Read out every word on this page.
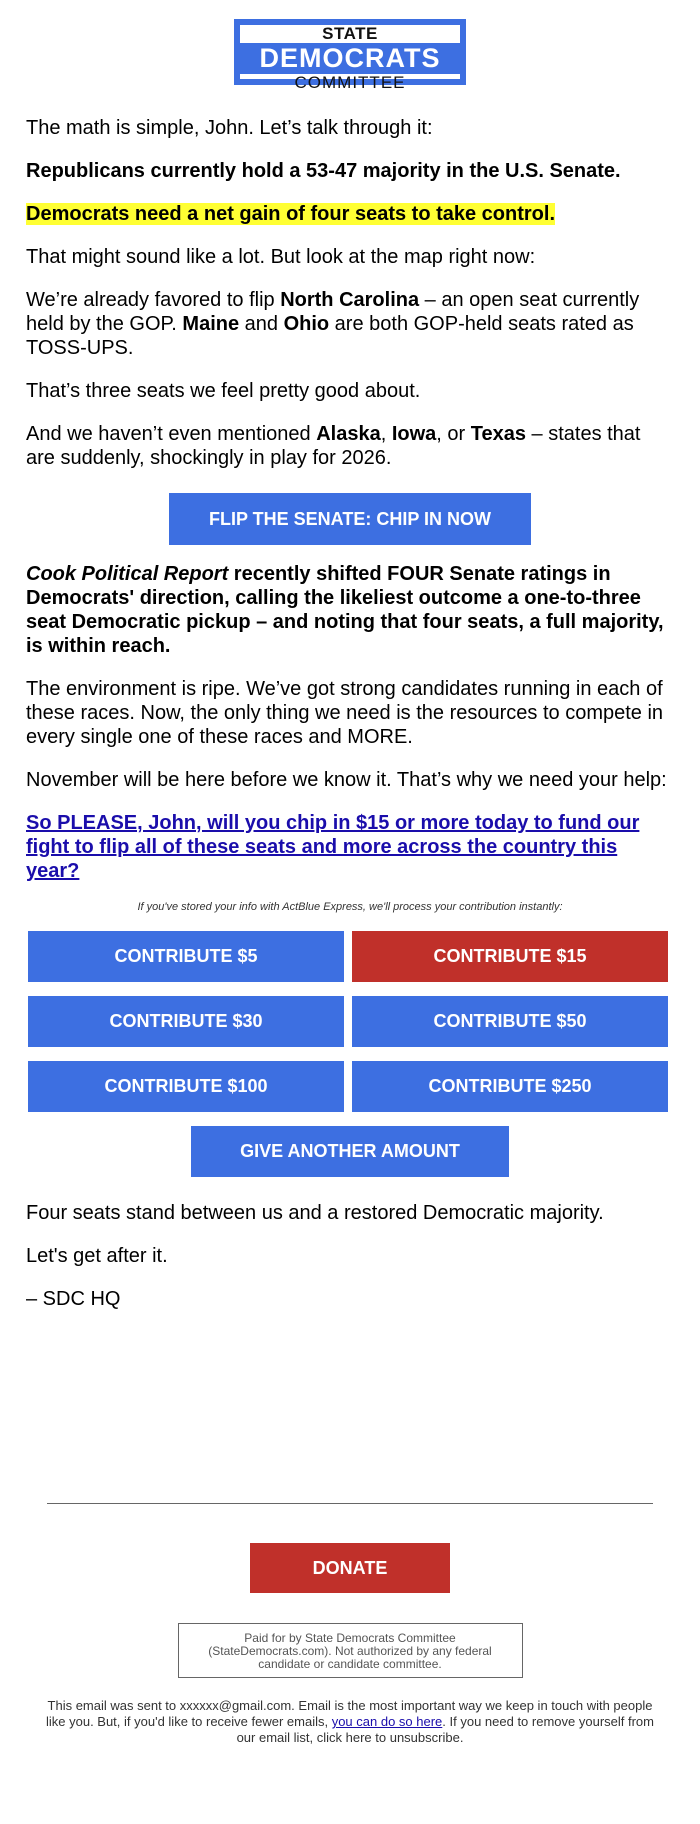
STATE
DEMOCRATS
COMMITTEE

The math is simple, John. Let’s talk through it:

Republicans currently hold a 53-47 majority in the U.S. Senate.

Democrats need a net gain of four seats to take control.

That might sound like a lot. But look at the map right now:

We’re already favored to flip North Carolina – an open seat currently held by the GOP. Maine and Ohio are both GOP-held seats rated as TOSS-UPS.

That’s three seats we feel pretty good about.

And we haven’t even mentioned Alaska, Iowa, or Texas – states that are suddenly, shockingly in play for 2026.

FLIP THE SENATE: CHIP IN NOW

Cook Political Report recently shifted FOUR Senate ratings in Democrats' direction, calling the likeliest outcome a one-to-three seat Democratic pickup – and noting that four seats, a full majority, is within reach.

The environment is ripe. We’ve got strong candidates running in each of these races. Now, the only thing we need is the resources to compete in every single one of these races and MORE.

November will be here before we know it. That’s why we need your help:

So PLEASE, John, will you chip in $15 or more today to fund our fight to flip all of these seats and more across the country this year?

If you've stored your info with ActBlue Express, we'll process your contribution instantly:
CONTRIBUTE $5	CONTRIBUTE $15
CONTRIBUTE $30	CONTRIBUTE $50
CONTRIBUTE $100	CONTRIBUTE $250
GIVE ANOTHER AMOUNT

Four seats stand between us and a restored Democratic majority.

Let's get after it.

– SDC HQ

DONATE
Paid for by State Democrats Committee (StateDemocrats.com). Not authorized by any federal candidate or candidate committee.
This email was sent to xxxxxx@gmail.com. Email is the most important way we keep in touch with people like you. But, if you'd like to receive fewer emails, you can do so here. If you need to remove yourself from our email list, click here to unsubscribe.
